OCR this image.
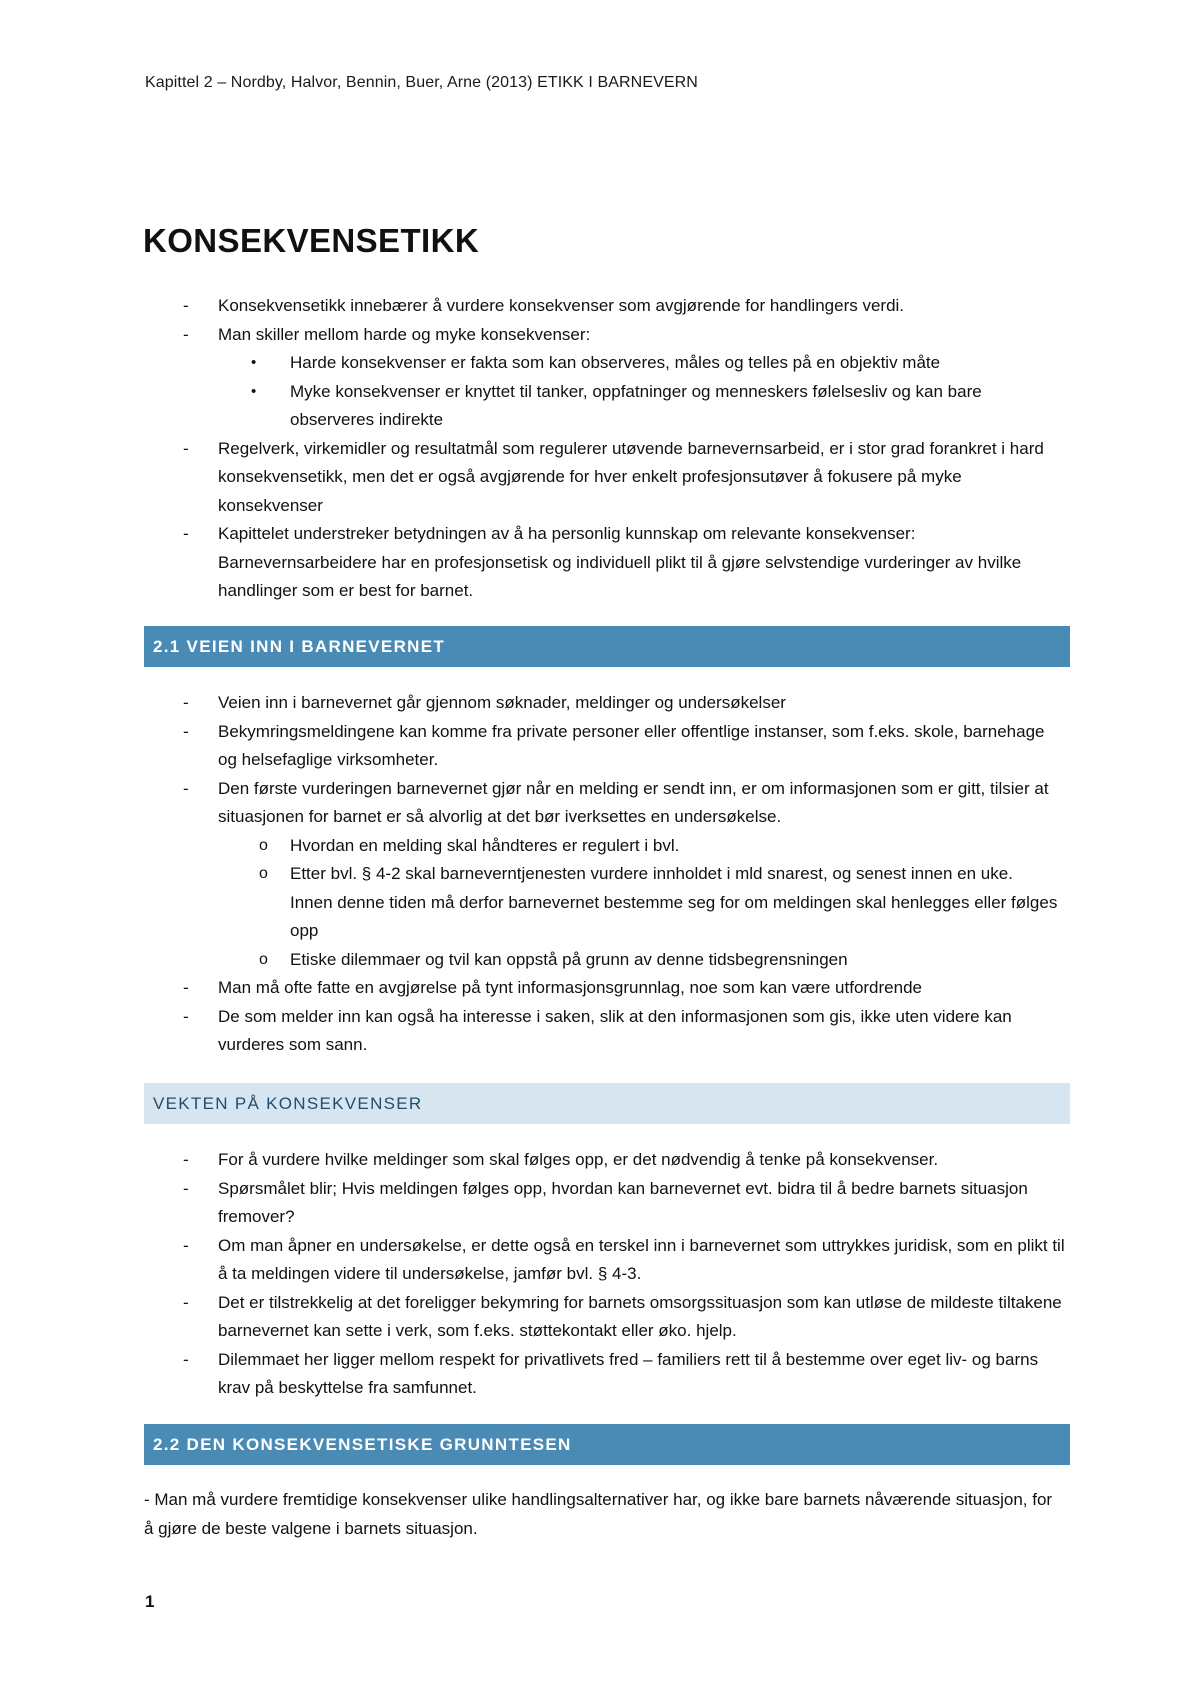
Kapittel 2 – Nordby, Halvor, Bennin, Buer, Arne (2013) ETIKK I BARNEVERN
KONSEKVENSETIKK
- Konsekvensetikk innebærer å vurdere konsekvenser som avgjørende for handlingers verdi.
- Man skiller mellom harde og myke konsekvenser:
• Harde konsekvenser er fakta som kan observeres, måles og telles på en objektiv måte
• Myke konsekvenser er knyttet til tanker, oppfatninger og menneskers følelsesliv og kan bare observeres indirekte
- Regelverk, virkemidler og resultatmål som regulerer utøvende barnevernsarbeid, er i stor grad forankret i hard konsekvensetikk, men det er også avgjørende for hver enkelt profesjonsutøver å fokusere på myke konsekvenser
- Kapittelet understreker betydningen av å ha personlig kunnskap om relevante konsekvenser: Barnevernsarbeidere har en profesjonsetisk og individuell plikt til å gjøre selvstendige vurderinger av hvilke handlinger som er best for barnet.
2.1 VEIEN INN I BARNEVERNET
- Veien inn i barnevernet går gjennom søknader, meldinger og undersøkelser
- Bekymringsmeldingene kan komme fra private personer eller offentlige instanser, som f.eks. skole, barnehage og helsefaglige virksomheter.
- Den første vurderingen barnevernet gjør når en melding er sendt inn, er om informasjonen som er gitt, tilsier at situasjonen for barnet er så alvorlig at det bør iverksettes en undersøkelse.
o Hvordan en melding skal håndteres er regulert i bvl.
o Etter bvl. § 4-2 skal barneverntjenesten vurdere innholdet i mld snarest, og senest innen en uke. Innen denne tiden må derfor barnevernet bestemme seg for om meldingen skal henlegges eller følges opp
o Etiske dilemmaer og tvil kan oppstå på grunn av denne tidsbegrensningen
- Man må ofte fatte en avgjørelse på tynt informasjonsgrunnlag, noe som kan være utfordrende
- De som melder inn kan også ha interesse i saken, slik at den informasjonen som gis, ikke uten videre kan vurderes som sann.
VEKTEN PÅ KONSEKVENSER
- For å vurdere hvilke meldinger som skal følges opp, er det nødvendig å tenke på konsekvenser.
- Spørsmålet blir; Hvis meldingen følges opp, hvordan kan barnevernet evt. bidra til å bedre barnets situasjon fremover?
- Om man åpner en undersøkelse, er dette også en terskel inn i barnevernet som uttrykkes juridisk, som en plikt til å ta meldingen videre til undersøkelse, jamfør bvl. § 4-3.
- Det er tilstrekkelig at det foreligger bekymring for barnets omsorgssituasjon som kan utløse de mildeste tiltakene barnevernet kan sette i verk, som f.eks. støttekontakt eller øko. hjelp.
- Dilemmaet her ligger mellom respekt for privatlivets fred – familiers rett til å bestemme over eget liv- og barns krav på beskyttelse fra samfunnet.
2.2 DEN KONSEKVENSETISKE GRUNNTESEN

- Man må vurdere fremtidige konsekvenser ulike handlingsalternativer har, og ikke bare barnets nåværende situasjon, for å gjøre de beste valgene i barnets situasjon.

1
